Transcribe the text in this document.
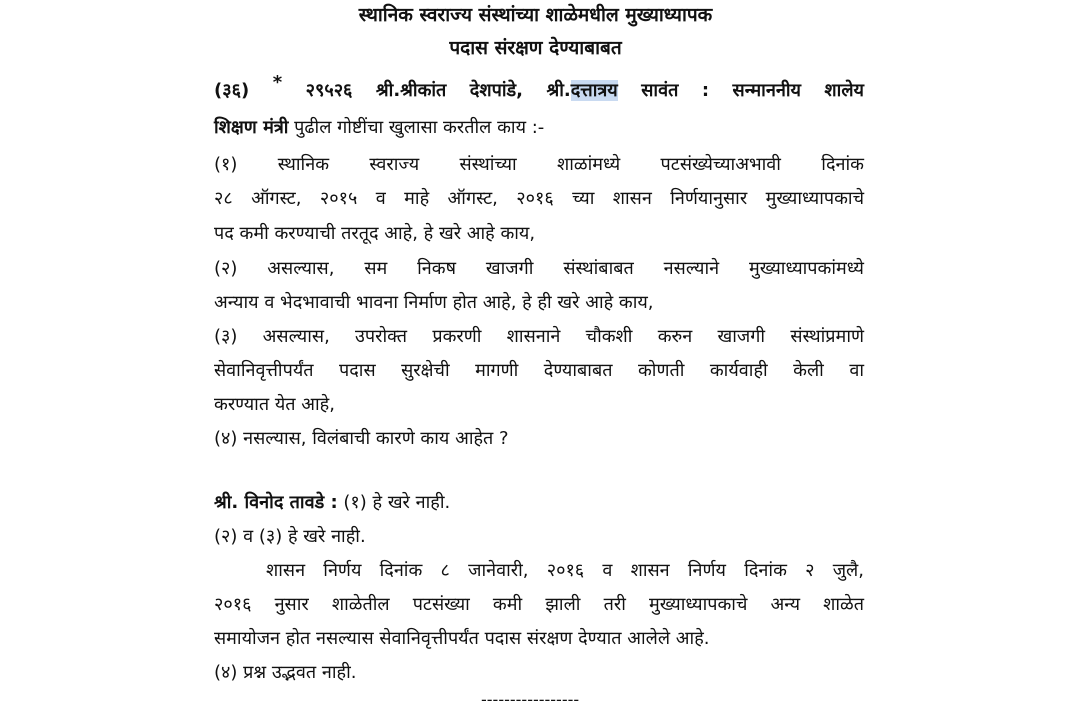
स्थानिक स्वराज्य संस्थांच्या शाळेमधील मुख्याध्यापक
पदास संरक्षण देण्याबाबत
(३६) * २९५२६ श्री.श्रीकांत देशपांडे, श्री.दत्तात्रय सावंत : सन्माननीय शालेय
शिक्षण मंत्री पुढील गोष्टींचा खुलासा करतील काय :-
(१) स्थानिक स्वराज्य संस्थांच्या शाळांमध्ये पटसंख्येच्याअभावी दिनांक
२८ ऑगस्ट, २०१५ व माहे ऑगस्ट, २०१६ च्या शासन निर्णयानुसार मुख्याध्यापकाचे
पद कमी करण्याची तरतूद आहे, हे खरे आहे काय,
(२) असल्यास, सम निकष खाजगी संस्थांबाबत नसल्याने मुख्याध्यापकांमध्ये
अन्याय व भेदभावाची भावना निर्माण होत आहे, हे ही खरे आहे काय,
(३) असल्यास, उपरोक्त प्रकरणी शासनाने चौकशी करुन खाजगी संस्थांप्रमाणे
सेवानिवृत्तीपर्यंत पदास सुरक्षेची मागणी देण्याबाबत कोणती कार्यवाही केली वा
करण्यात येत आहे,
(४) नसल्यास, विलंबाची कारणे काय आहेत ?
श्री. विनोद तावडे : (१) हे खरे नाही.
(२) व (३) हे खरे नाही.
शासन निर्णय दिनांक ८ जानेवारी, २०१६ व शासन निर्णय दिनांक २ जुलै,
२०१६ नुसार शाळेतील पटसंख्या कमी झाली तरी मुख्याध्यापकाचे अन्य शाळेत
समायोजन होत नसल्यास सेवानिवृत्तीपर्यंत पदास संरक्षण देण्यात आलेले आहे.
(४) प्रश्न उद्भवत नाही.
-----------------
